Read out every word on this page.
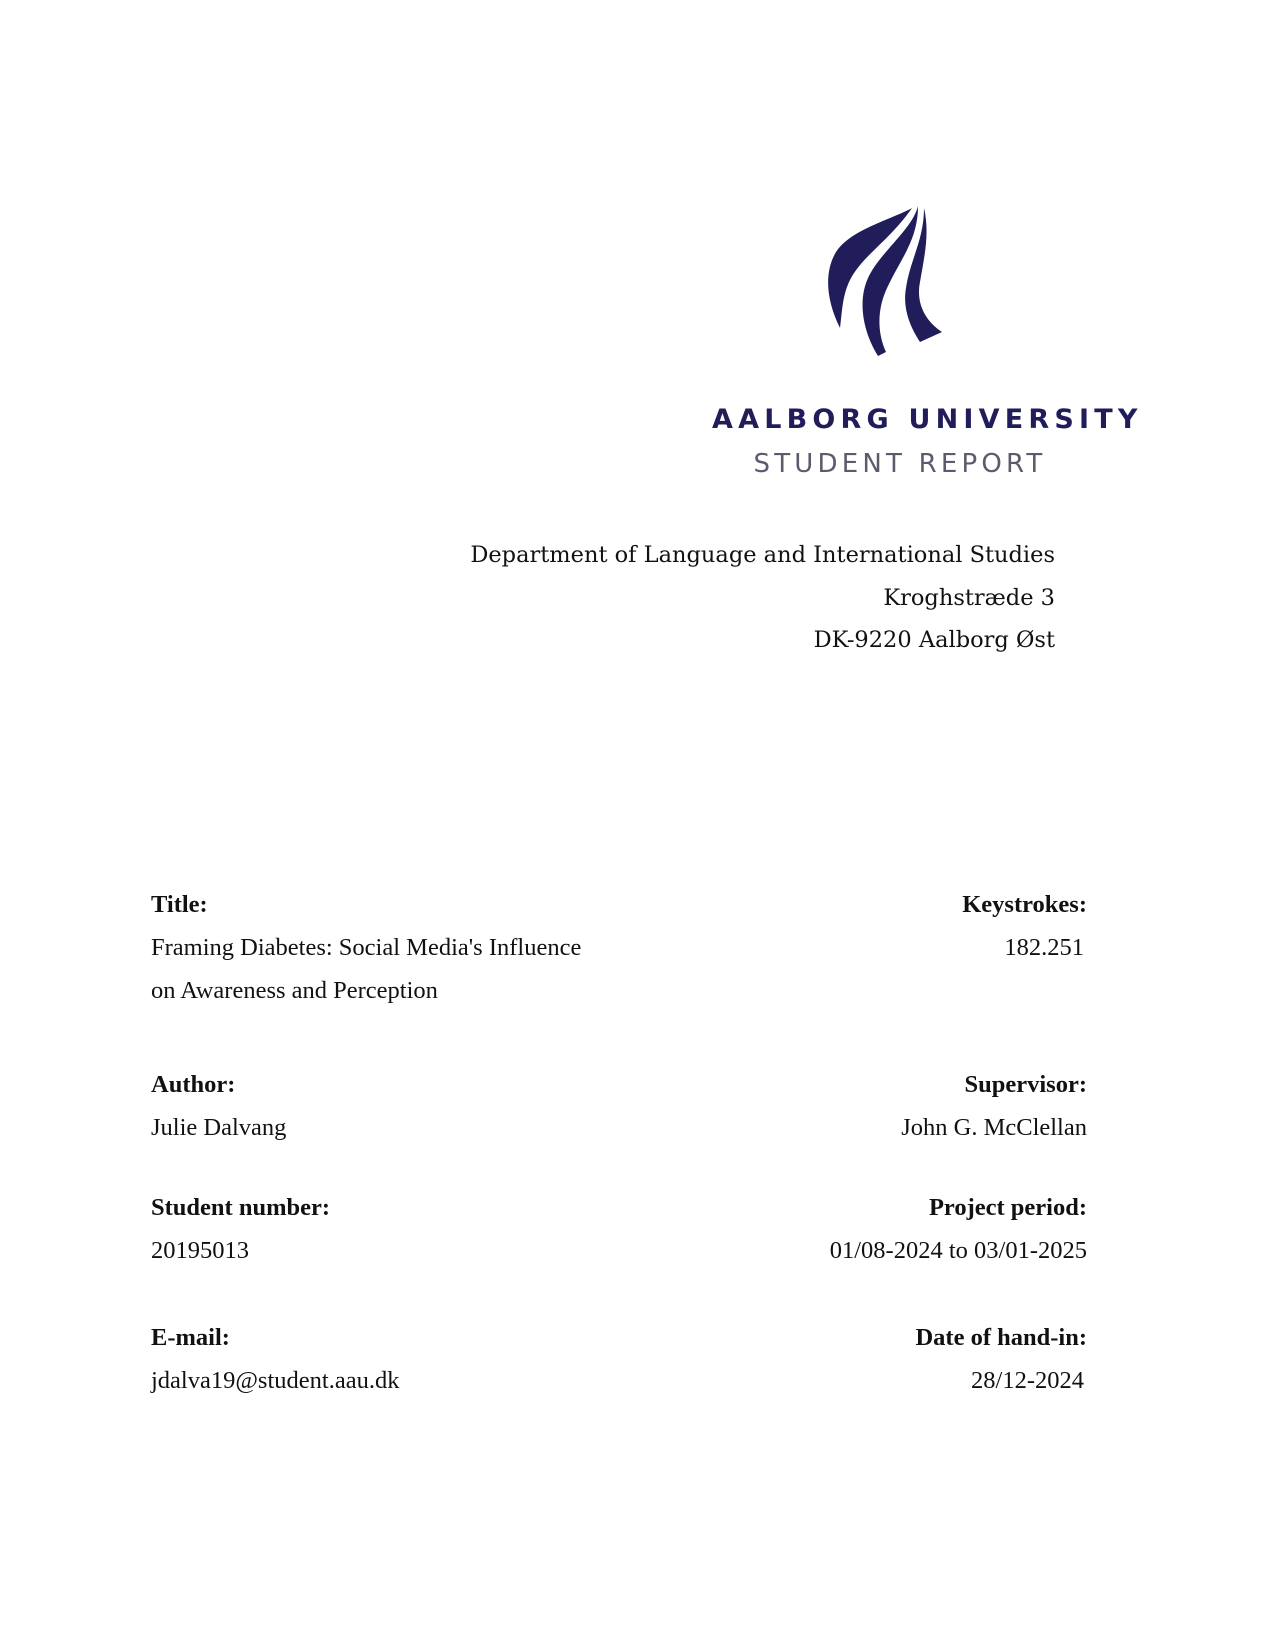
AALBORG UNIVERSITY
STUDENT REPORT
Department of Language and International Studies
Kroghstræde 3
DK-9220 Aalborg Øst
Title:
Framing Diabetes: Social Media's Influence
on Awareness and Perception
Author:
Julie Dalvang
Student number:
20195013
E-mail:
jdalva19@student.aau.dk
Keystrokes:
182.251
Supervisor:
John G. McClellan
Project period:
01/08-2024 to 03/01-2025
Date of hand-in:
28/12-2024
